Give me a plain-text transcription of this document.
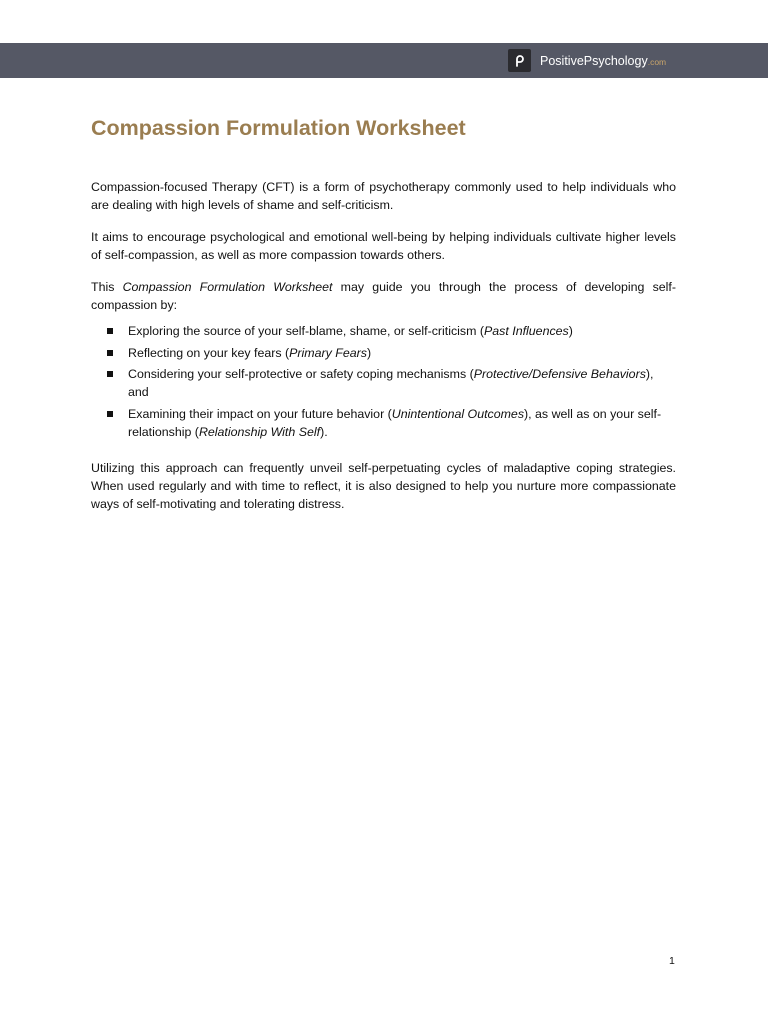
PositivePsychology.com
Compassion Formulation Worksheet

Compassion-focused Therapy (CFT) is a form of psychotherapy commonly used to help individuals who are dealing with high levels of shame and self-criticism.

It aims to encourage psychological and emotional well-being by helping individuals cultivate higher levels of self-compassion, as well as more compassion towards others.

This Compassion Formulation Worksheet may guide you through the process of developing self-compassion by:

Exploring the source of your self-blame, shame, or self-criticism (Past Influences)
Reflecting on your key fears (Primary Fears)
Considering your self-protective or safety coping mechanisms (Protective/Defensive Behaviors), and
Examining their impact on your future behavior (Unintentional Outcomes), as well as on your self-relationship (Relationship With Self).

Utilizing this approach can frequently unveil self-perpetuating cycles of maladaptive coping strategies. When used regularly and with time to reflect, it is also designed to help you nurture more compassionate ways of self-motivating and tolerating distress.

1
